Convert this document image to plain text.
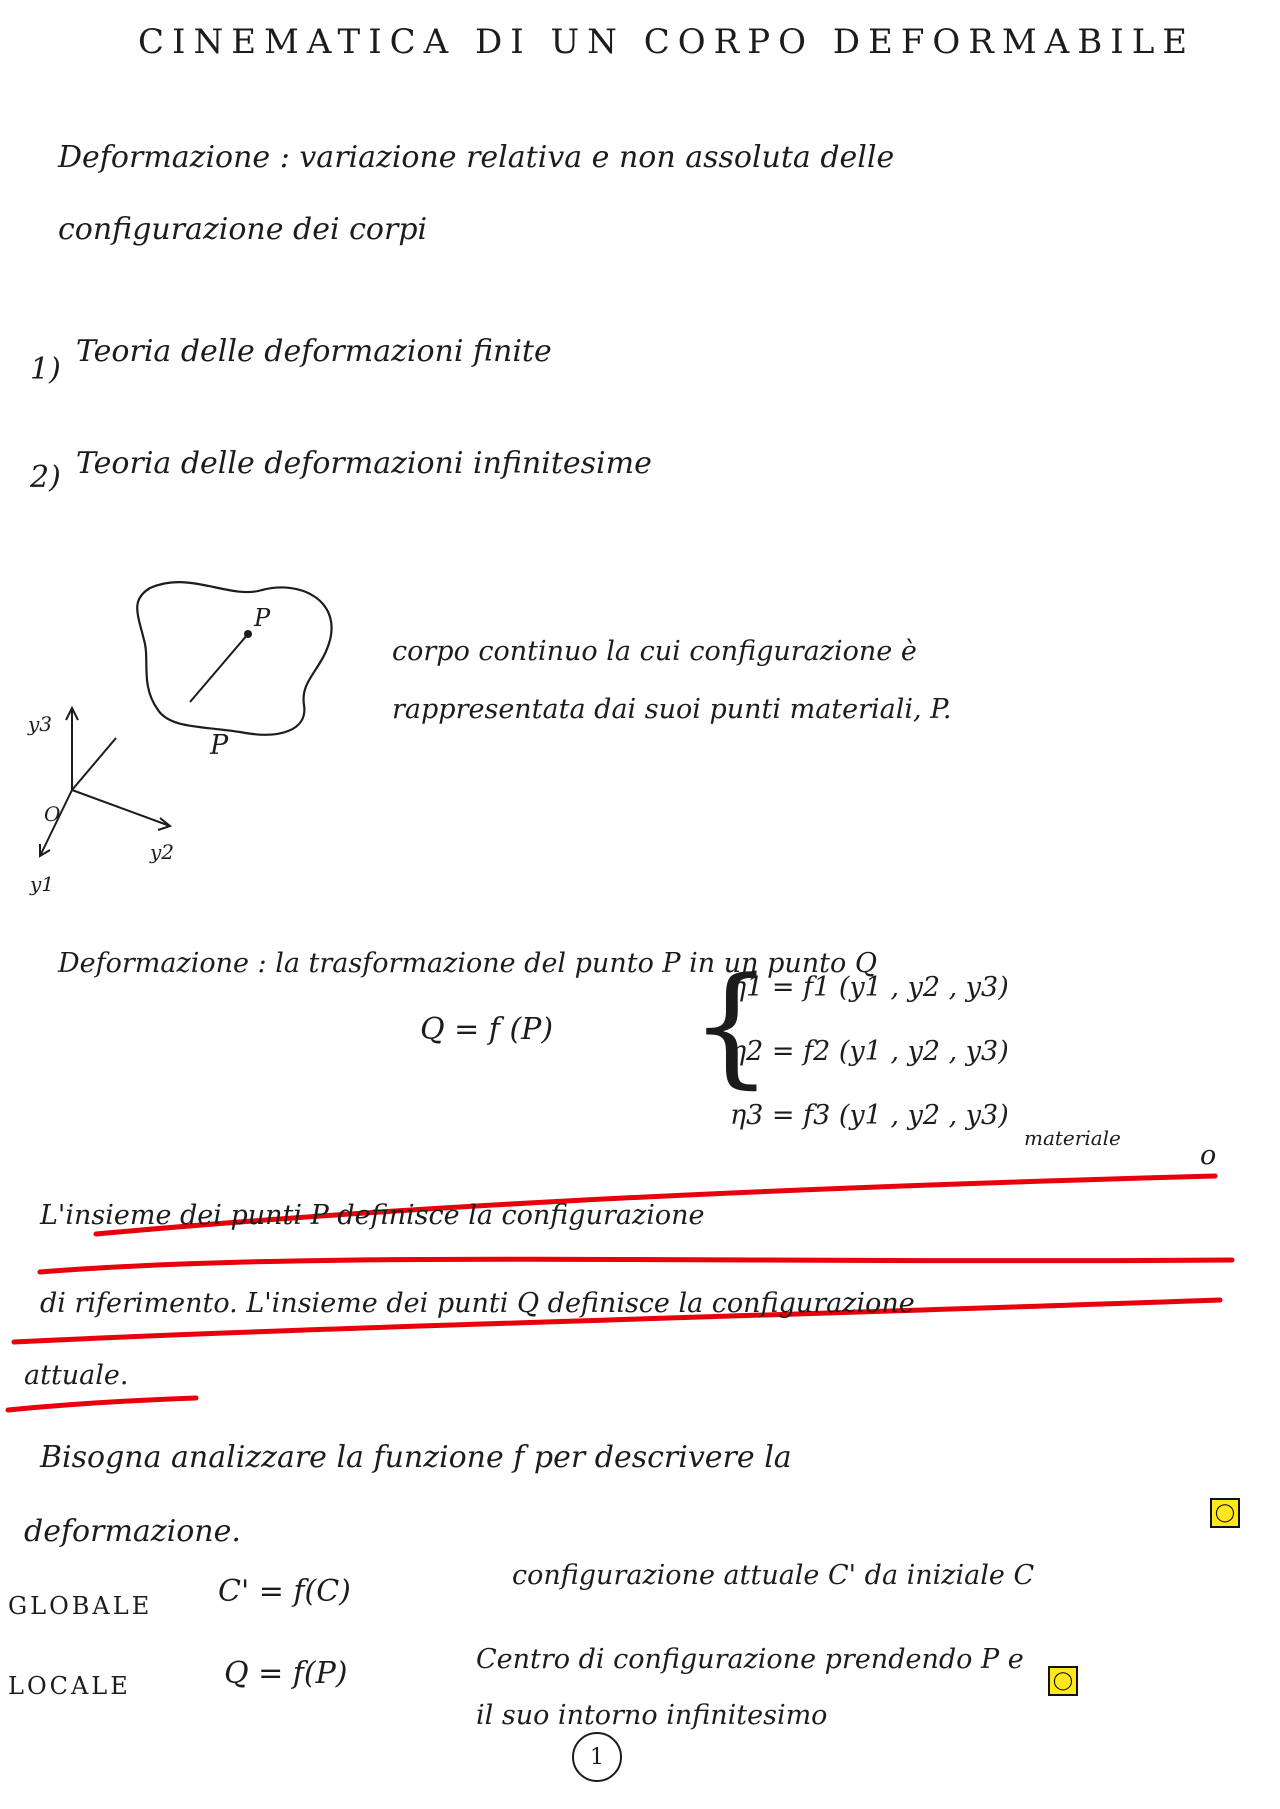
CINEMATICA DI UN CORPO DEFORMABILE
Deformazione : variazione relativa e non assoluta delle
configurazione dei corpi
1)
Teoria delle deformazioni finite
2) Teoria delle deformazioni infinitesime
P
P
O
y3
y2
y1
corpo continuo la cui configurazione è
rappresentata dai suoi punti materiali, P.
Deformazione : la trasformazione del punto P in un punto Q
Q = f (P) {
η1 = f1 (y1 , y2 , y3)
η2 = f2 (y1 , y2 , y3)
η3 = f3 (y1 , y2 , y3)
materiale
L'insieme dei punti P definisce la configurazione
o
di riferimento. L'insieme dei punti Q definisce la configurazione
attuale.
Bisogna analizzare la funzione f per descrivere la
deformazione.
GLOBALE C' = f(C)	configurazione attuale C' da iniziale C
◯
LOCALE	Q = f(P)	Centro di configurazione prendendo P e
il suo intorno infinitesimo
◯
1
